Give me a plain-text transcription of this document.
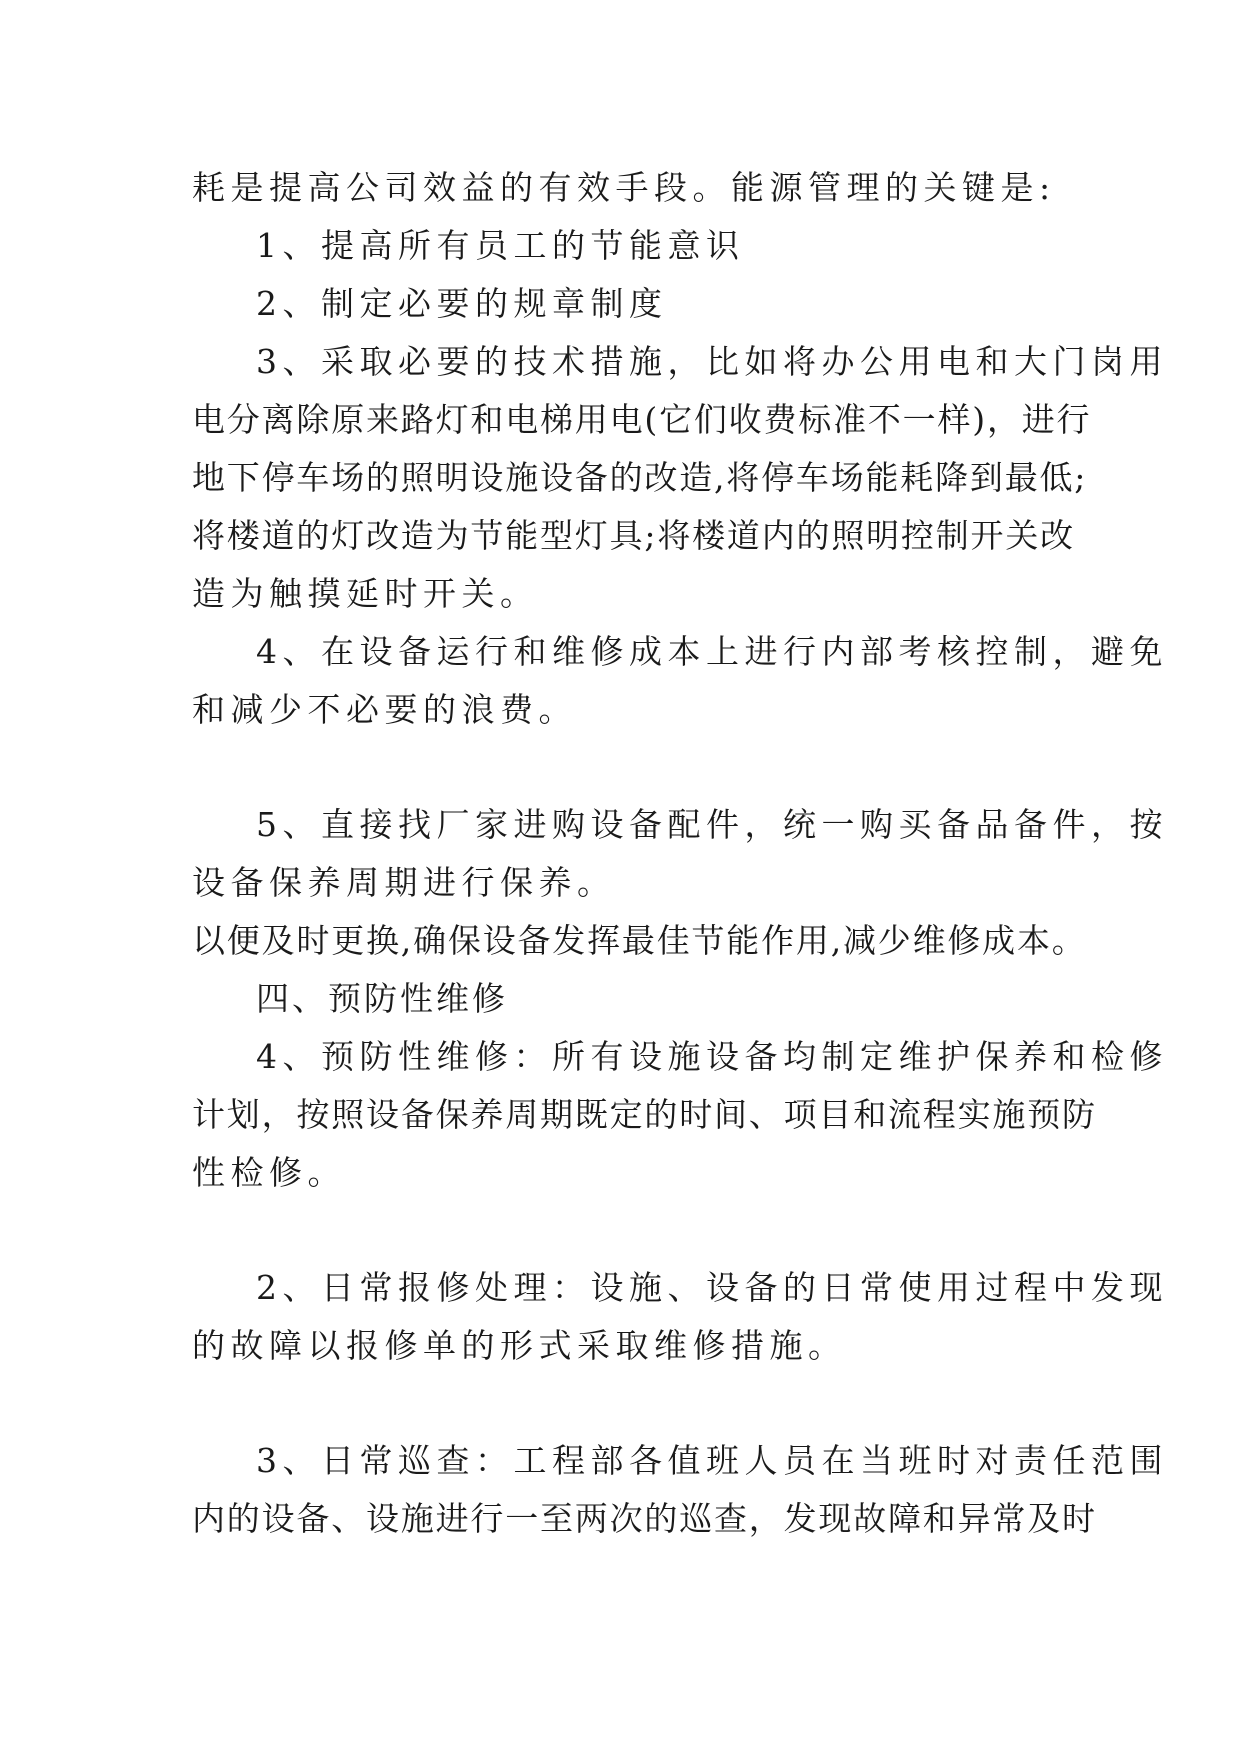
耗是提高公司效益的有效手段。能源管理的关键是:
1、提高所有员工的节能意识
2、制定必要的规章制度
3、采取必要的技术措施，比如将办公用电和大门岗用
电分离除原来路灯和电梯用电(它们收费标准不一样)，进行
地下停车场的照明设施设备的改造,将停车场能耗降到最低;
将楼道的灯改造为节能型灯具;将楼道内的照明控制开关改
造为触摸延时开关。
4、在设备运行和维修成本上进行内部考核控制，避免
和减少不必要的浪费。
5、直接找厂家进购设备配件，统一购买备品备件，按
设备保养周期进行保养。
以便及时更换,确保设备发挥最佳节能作用,减少维修成本。
四、预防性维修
4、预防性维修：所有设施设备均制定维护保养和检修
计划，按照设备保养周期既定的时间、项目和流程实施预防
性检修。
2、日常报修处理：设施、设备的日常使用过程中发现
的故障以报修单的形式采取维修措施。
3、日常巡查：工程部各值班人员在当班时对责任范围
内的设备、设施进行一至两次的巡查，发现故障和异常及时
